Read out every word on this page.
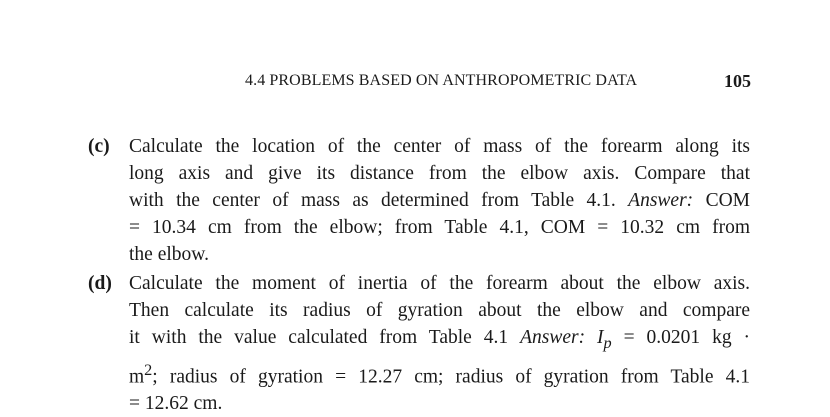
4.4 PROBLEMS BASED ON ANTHROPOMETRIC DATA	105
(c) Calculate the location of the center of mass of the forearm along its
long axis and give its distance from the elbow axis. Compare that
with the center of mass as determined from Table 4.1. Answer: COM
= 10.34 cm from the elbow; from Table 4.1, COM = 10.32 cm from
the elbow.
(d) Calculate the moment of inertia of the forearm about the elbow axis.
Then calculate its radius of gyration about the elbow and compare
it with the value calculated from Table 4.1 Answer: $I_p = 0.0201$ kg ·
$m^2$; radius of gyration = 12.27 cm; radius of gyration from Table 4.1
= 12.62 cm.
